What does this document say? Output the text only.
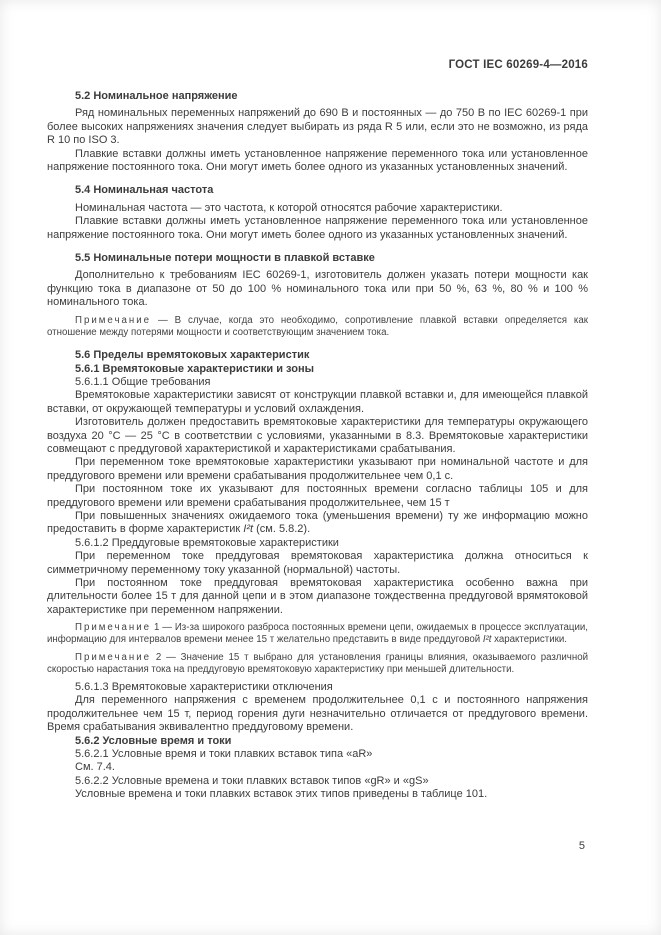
ГОСТ IEC 60269-4—2016
5.2 Номинальное напряжение

Ряд номинальных переменных напряжений до 690 В и постоянных — до 750 В по IEC 60269-1 при более высоких напряжениях значения следует выбирать из ряда R 5 или, если это не возможно, из ряда R 10 по ISO 3.

Плавкие вставки должны иметь установленное напряжение переменного тока или установленное напряжение постоянного тока. Они могут иметь более одного из указанных установленных значений.

5.4 Номинальная частота

Номинальная частота — это частота, к которой относятся рабочие характеристики.

Плавкие вставки должны иметь установленное напряжение переменного тока или установленное напряжение постоянного тока. Они могут иметь более одного из указанных установленных значений.

5.5 Номинальные потери мощности в плавкой вставке

Дополнительно к требованиям IEC 60269-1, изготовитель должен указать потери мощности как функцию тока в диапазоне от 50 до 100 % номинального тока или при 50 %, 63 %, 80 % и 100 % номинального тока.

Примечание — В случае, когда это необходимо, сопротивление плавкой вставки определяется как отношение между потерями мощности и соответствующим значением тока.

5.6 Пределы времятоковых характеристик
5.6.1 Времятоковые характеристики и зоны
5.6.1.1 Общие требования

Времятоковые характеристики зависят от конструкции плавкой вставки и, для имеющейся плавкой вставки, от окружающей температуры и условий охлаждения.

Изготовитель должен предоставить времятоковые характеристики для температуры окружающего воздуха 20 °С — 25 °С в соответствии с условиями, указанными в 8.3. Времятоковые характеристики совмещают с преддуговой характеристикой и характеристиками срабатывания.

При переменном токе времятоковые характеристики указывают при номинальной частоте и для преддугового времени или времени срабатывания продолжительнее чем 0,1 с.

При постоянном токе их указывают для постоянных времени согласно таблицы 105 и для преддугового времени или времени срабатывания продолжительнее, чем 15 т

При повышенных значениях ожидаемого тока (уменьшения времени) ту же информацию можно предоставить в форме характеристик I²t (см. 5.8.2).

5.6.1.2 Преддуговые времятоковые характеристики

При переменном токе преддуговая времятоковая характеристика должна относиться к симметричному переменному току указанной (нормальной) частоты.

При постоянном токе преддуговая времятоковая характеристика особенно важна при длительности более 15 т для данной цепи и в этом диапазоне тождественна преддуговой врямятоковой характеристике при переменном напряжении.

Примечание 1 — Из-за широкого разброса постоянных времени цепи, ожидаемых в процессе эксплуатации, информацию для интервалов времени менее 15 т желательно представить в виде преддуговой I²t характеристики.

Примечание 2 — Значение 15 т выбрано для установления границы влияния, оказываемого различной скоростью нарастания тока на преддуговую времятоковую характеристику при меньшей длительности.

5.6.1.3 Времятоковые характеристики отключения

Для переменного напряжения с временем продолжительнее 0,1 с и постоянного напряжения продолжительнее чем 15 т, период горения дуги незначительно отличается от преддугового времени. Время срабатывания эквивалентно преддуговому времени.

5.6.2 Условные время и токи
5.6.2.1 Условные время и токи плавких вставок типа «aR»

См. 7.4.

5.6.2.2 Условные времена и токи плавких вставок типов «gR» и «gS»

Условные времена и токи плавких вставок этих типов приведены в таблице 101.

5
